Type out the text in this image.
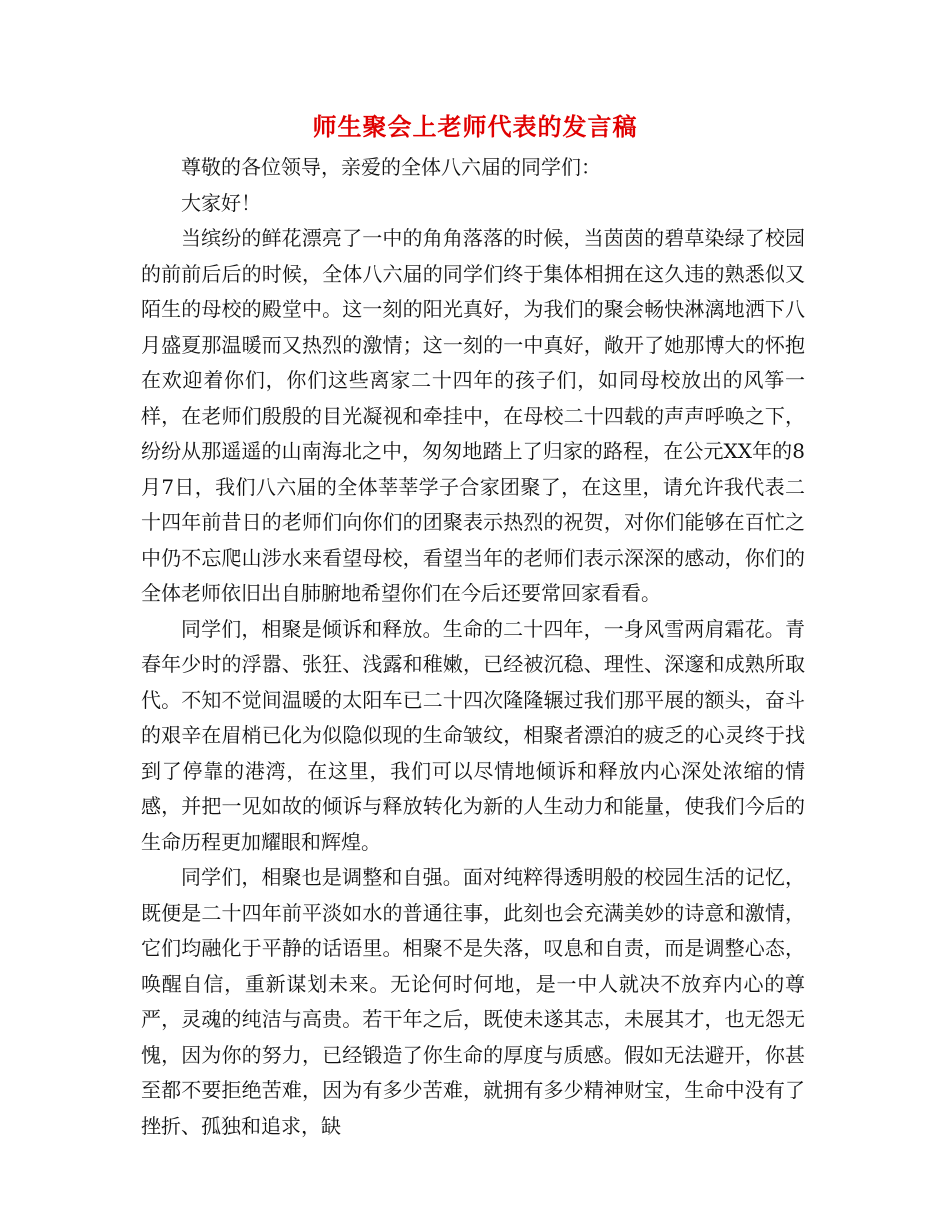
师生聚会上老师代表的发言稿

尊敬的各位领导，亲爱的全体八六届的同学们：

大家好！

当缤纷的鲜花漂亮了一中的角角落落的时候，当茵茵的碧草染绿了校园的前前后后的时候，全体八六届的同学们终于集体相拥在这久违的熟悉似又陌生的母校的殿堂中。这一刻的阳光真好，为我们的聚会畅快淋漓地洒下八月盛夏那温暖而又热烈的激情；这一刻的一中真好，敞开了她那博大的怀抱在欢迎着你们，你们这些离家二十四年的孩子们，如同母校放出的风筝一样，在老师们殷殷的目光凝视和牵挂中，在母校二十四载的声声呼唤之下，纷纷从那遥遥的山南海北之中，匆匆地踏上了归家的路程，在公元XX年的8月7日，我们八六届的全体莘莘学子合家团聚了，在这里，请允许我代表二十四年前昔日的老师们向你们的团聚表示热烈的祝贺，对你们能够在百忙之中仍不忘爬山涉水来看望母校，看望当年的老师们表示深深的感动，你们的全体老师依旧出自肺腑地希望你们在今后还要常回家看看。

同学们，相聚是倾诉和释放。生命的二十四年，一身风雪两肩霜花。青春年少时的浮嚣、张狂、浅露和稚嫩，已经被沉稳、理性、深邃和成熟所取代。不知不觉间温暖的太阳车已二十四次隆隆辗过我们那平展的额头，奋斗的艰辛在眉梢已化为似隐似现的生命皱纹，相聚者漂泊的疲乏的心灵终于找到了停靠的港湾，在这里，我们可以尽情地倾诉和释放内心深处浓缩的情感，并把一见如故的倾诉与释放转化为新的人生动力和能量，使我们今后的生命历程更加耀眼和辉煌。

同学们，相聚也是调整和自强。面对纯粹得透明般的校园生活的记忆，既便是二十四年前平淡如水的普通往事，此刻也会充满美妙的诗意和激情，它们均融化于平静的话语里。相聚不是失落，叹息和自责，而是调整心态，唤醒自信，重新谋划未来。无论何时何地，是一中人就决不放弃内心的尊严，灵魂的纯洁与高贵。若干年之后，既使未遂其志，未展其才，也无怨无愧，因为你的努力，已经锻造了你生命的厚度与质感。假如无法避开，你甚至都不要拒绝苦难，因为有多少苦难，就拥有多少精神财宝，生命中没有了挫折、孤独和追求，缺
